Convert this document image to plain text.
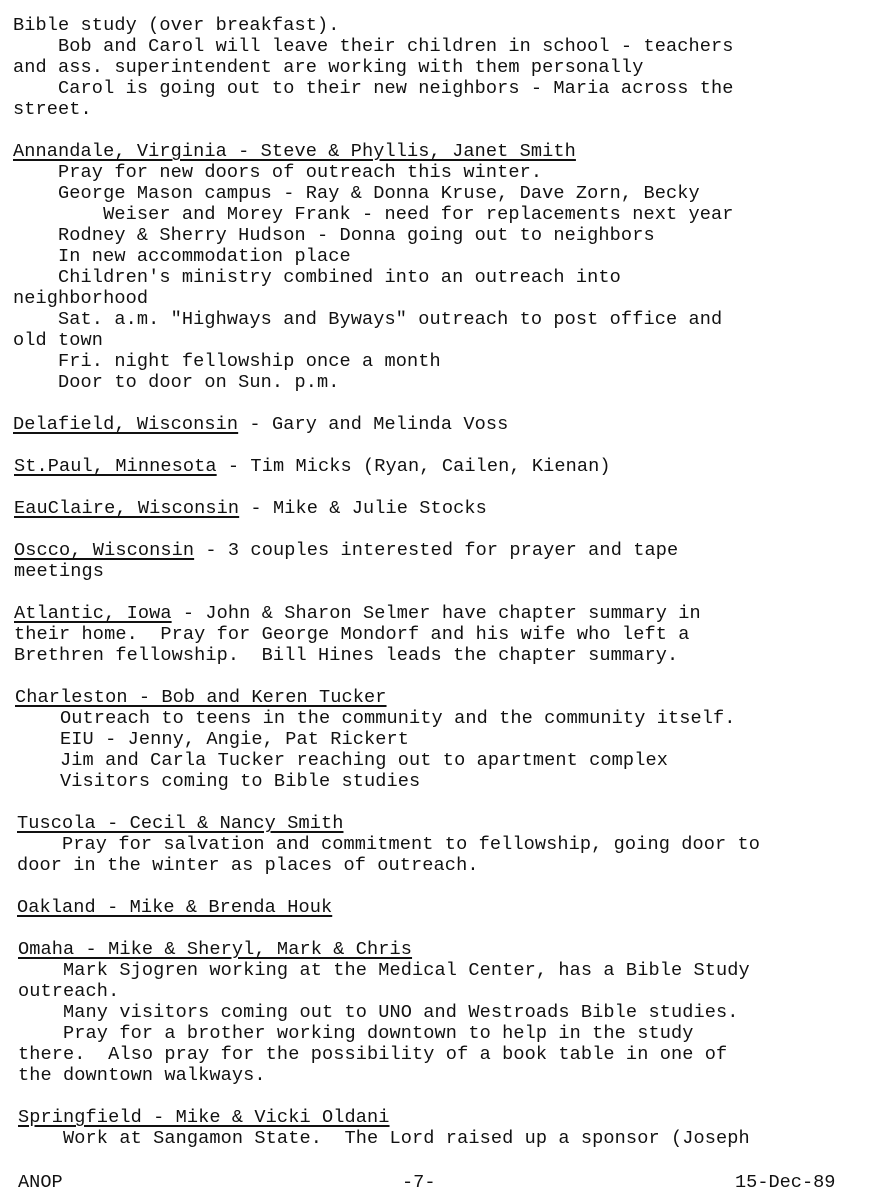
Bible study (over breakfast).
Bob and Carol will leave their children in school - teachers
and ass. superintendent are working with them personally
Carol is going out to their new neighbors - Maria across the
street.
Annandale, Virginia - Steve & Phyllis, Janet Smith
Pray for new doors of outreach this winter.
George Mason campus - Ray & Donna Kruse, Dave Zorn, Becky
Weiser and Morey Frank - need for replacements next year
Rodney & Sherry Hudson - Donna going out to neighbors
In new accommodation place
Children's ministry combined into an outreach into
neighborhood
Sat. a.m. "Highways and Byways" outreach to post office and
old town
Fri. night fellowship once a month
Door to door on Sun. p.m.
Delafield, Wisconsin - Gary and Melinda Voss
St.Paul, Minnesota - Tim Micks (Ryan, Cailen, Kienan)
EauClaire, Wisconsin - Mike & Julie Stocks
Oscco, Wisconsin - 3 couples interested for prayer and tape
meetings
Atlantic, Iowa - John & Sharon Selmer have chapter summary in
their home.  Pray for George Mondorf and his wife who left a
Brethren fellowship.  Bill Hines leads the chapter summary.
Charleston - Bob and Keren Tucker
Outreach to teens in the community and the community itself.
EIU - Jenny, Angie, Pat Rickert
Jim and Carla Tucker reaching out to apartment complex
Visitors coming to Bible studies
Tuscola - Cecil & Nancy Smith
Pray for salvation and commitment to fellowship, going door to
door in the winter as places of outreach.
Oakland - Mike & Brenda Houk
Omaha - Mike & Sheryl, Mark & Chris
Mark Sjogren working at the Medical Center, has a Bible Study
outreach.
Many visitors coming out to UNO and Westroads Bible studies.
Pray for a brother working downtown to help in the study
there.  Also pray for the possibility of a book table in one of
the downtown walkways.
Springfield - Mike & Vicki Oldani
Work at Sangamon State.  The Lord raised up a sponsor (Joseph
ANOP	-7-	15-Dec-89
